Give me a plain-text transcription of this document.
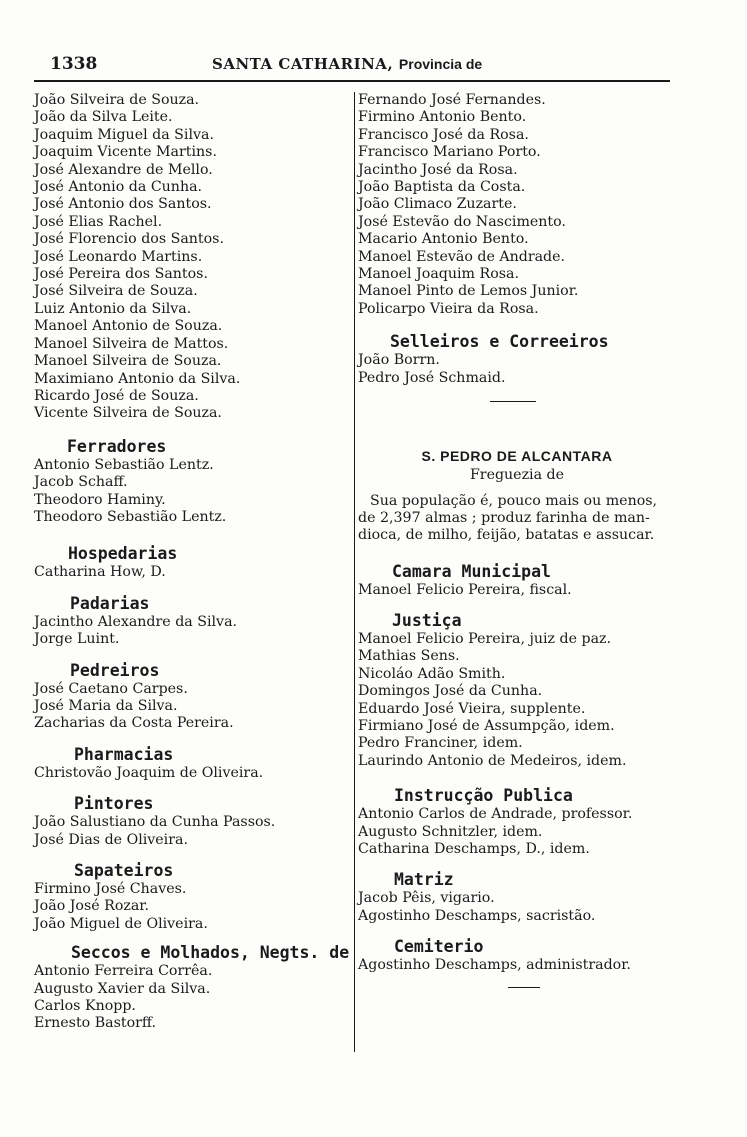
1338	SANTA CATHARINA, Provincia de
João Silveira de Souza.
João da Silva Leite.
Joaquim Miguel da Silva.
Joaquim Vicente Martins.
José Alexandre de Mello.
José Antonio da Cunha.
José Antonio dos Santos.
José Elias Rachel.
José Florencio dos Santos.
José Leonardo Martins.
José Pereira dos Santos.
José Silveira de Souza.
Luiz Antonio da Silva.
Manoel Antonio de Souza.
Manoel Silveira de Mattos.
Manoel Silveira de Souza.
Maximiano Antonio da Silva.
Ricardo José de Souza.
Vicente Silveira de Souza.
Ferradores
Antonio Sebastião Lentz.
Jacob Schaff.
Theodoro Haminy.
Theodoro Sebastião Lentz.
Hospedarias
Catharina How, D.
Padarias
Jacintho Alexandre da Silva.
Jorge Luint.
Pedreiros
José Caetano Carpes.
José Maria da Silva.
Zacharias da Costa Pereira.
Pharmacias
Christovão Joaquim de Oliveira.
Pintores
João Salustiano da Cunha Passos.
José Dias de Oliveira.
Sapateiros
Firmino José Chaves.
João José Rozar.
João Miguel de Oliveira.
Seccos e Molhados, Negts. de
Antonio Ferreira Corrêa.
Augusto Xavier da Silva.
Carlos Knopp.
Ernesto Bastorff.
Fernando José Fernandes.
Firmino Antonio Bento.
Francisco José da Rosa.
Francisco Mariano Porto.
Jacintho José da Rosa.
João Baptista da Costa.
João Climaco Zuzarte.
José Estevão do Nascimento.
Macario Antonio Bento.
Manoel Estevão de Andrade.
Manoel Joaquim Rosa.
Manoel Pinto de Lemos Junior.
Policarpo Vieira da Rosa.
Selleiros e Correeiros
João Borrn.
Pedro José Schmaid.
S. PEDRO DE ALCANTARA
Freguezia de
Sua população é, pouco mais ou menos,
de 2,397 almas ; produz farinha de man-
dioca, de milho, feijão, batatas e assucar.
Camara Municipal
Manoel Felicio Pereira, fiscal.
Justiça
Manoel Felicio Pereira, juiz de paz.
Mathias Sens.
Nicoláo Adão Smith.
Domingos José da Cunha.
Eduardo José Vieira, supplente.
Firmiano José de Assumpção, idem.
Pedro Franciner, idem.
Laurindo Antonio de Medeiros, idem.
Instrucção Publica
Antonio Carlos de Andrade, professor.
Augusto Schnitzler, idem.
Catharina Deschamps, D., idem.
Matriz
Jacob Pêis, vigario.
Agostinho Deschamps, sacristão.
Cemiterio
Agostinho Deschamps, administrador.
